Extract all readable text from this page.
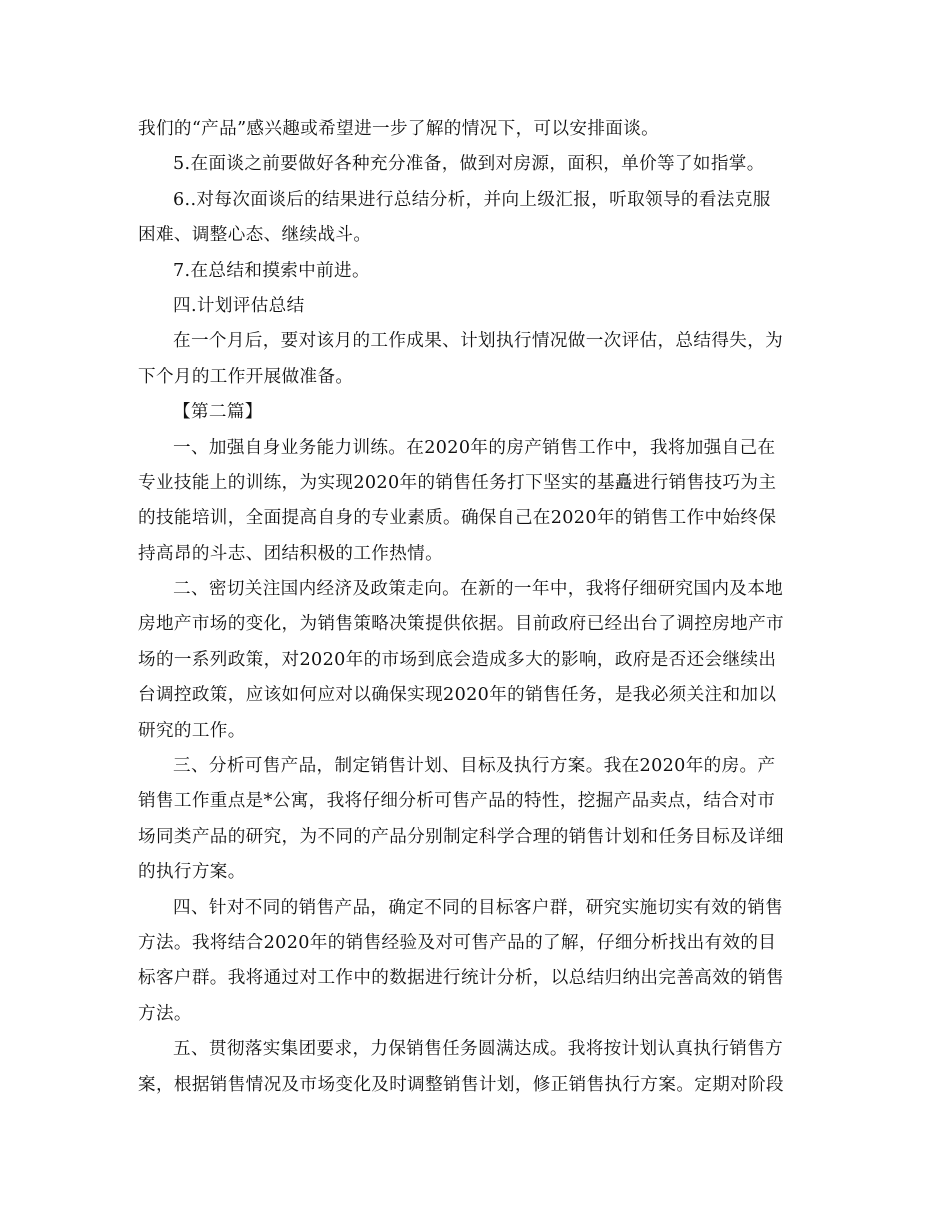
我们的“产品”感兴趣或希望进一步了解的情况下，可以安排面谈。
5.在面谈之前要做好各种充分准备，做到对房源，面积，单价等了如指掌。
6..对每次面谈后的结果进行总结分析，并向上级汇报，听取领导的看法克服
困难、调整心态、继续战斗。
7.在总结和摸索中前进。
四.计划评估总结
在一个月后，要对该月的工作成果、计划执行情况做一次评估，总结得失，为
下个月的工作开展做准备。
【第二篇】
一、加强自身业务能力训练。在2020年的房产销售工作中，我将加强自己在
专业技能上的训练，为实现2020年的销售任务打下坚实的基矗进行销售技巧为主
的技能培训，全面提高自身的专业素质。确保自己在2020年的销售工作中始终保
持高昂的斗志、团结积极的工作热情。
二、密切关注国内经济及政策走向。在新的一年中，我将仔细研究国内及本地
房地产市场的变化，为销售策略决策提供依据。目前政府已经出台了调控房地产市
场的一系列政策，对2020年的市场到底会造成多大的影响，政府是否还会继续出
台调控政策，应该如何应对以确保实现2020年的销售任务，是我必须关注和加以
研究的工作。
三、分析可售产品，制定销售计划、目标及执行方案。我在2020年的房。产
销售工作重点是*公寓，我将仔细分析可售产品的特性，挖掘产品卖点，结合对市
场同类产品的研究，为不同的产品分别制定科学合理的销售计划和任务目标及详细
的执行方案。
四、针对不同的销售产品，确定不同的目标客户群，研究实施切实有效的销售
方法。我将结合2020年的销售经验及对可售产品的了解，仔细分析找出有效的目
标客户群。我将通过对工作中的数据进行统计分析，以总结归纳出完善高效的销售
方法。
五、贯彻落实集团要求，力保销售任务圆满达成。我将按计划认真执行销售方
案，根据销售情况及市场变化及时调整销售计划，修正销售执行方案。定期对阶段
